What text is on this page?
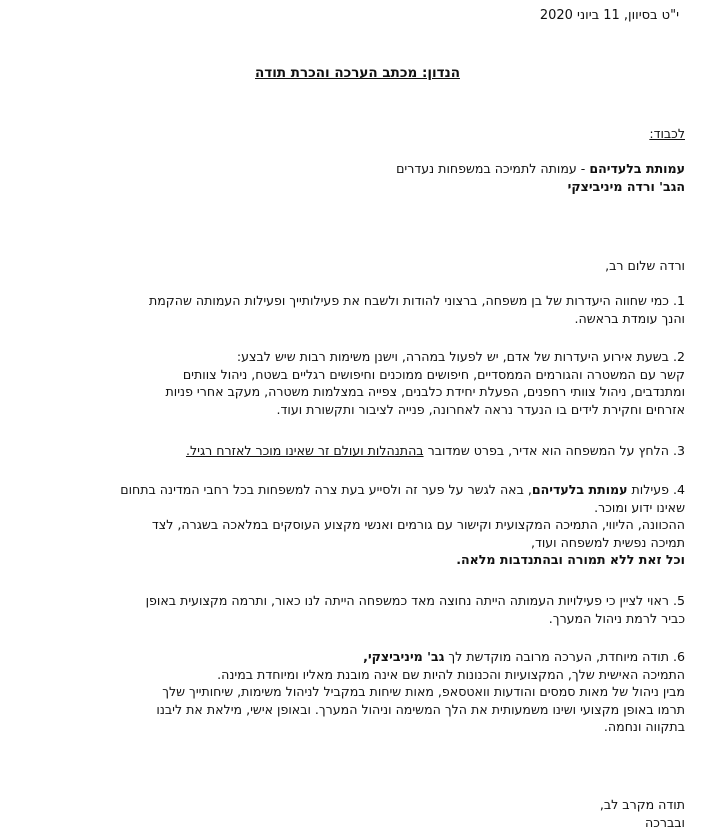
י"ט בסיוון, 11 ביוני 2020

הנדון: מכתב הערכה והכרת תודה

לכבוד:

עמותת בלעדיהם - עמותה לתמיכה במשפחות נעדרים
הגב' ורדה מיניביצקי

ורדה שלום רב,

1. כמי שחווה היעדרות של בן משפחה, ברצוני להודות ולשבח את פעילותייך ופעילות העמותה שהקמת
והנך עומדת בראשה.
2. בשעת אירוע היעדרות של אדם, יש לפעול במהרה, וישנן משימות רבות שיש לבצע:
קשר עם המשטרה והגורמים הממסדיים, חיפושים ממוכנים וחיפושים רגליים בשטח, ניהול צוותים
ומתנדבים, ניהול צוותי רחפנים, הפעלת יחידת כלבנים, צפייה במצלמות משטרה, מעקב אחרי פניות
אזרחים וחקירת לידים בו הנעדר נראה לאחרונה, פנייה לציבור ותקשורת ועוד.
3. הלחץ על המשפחה הוא אדיר, בפרט שמדובר בהתנהלות ועולם זר שאינו מוכר לאזרח רגיל.
4. פעילות עמותת בלעדיהם, באה לגשר על פער זה ולסייע בעת צרה למשפחות בכל רחבי המדינה בתחום
שאינו ידוע ומוכר.
ההכוונה, הליווי, התמיכה המקצועית וקישור עם גורמים ואנשי מקצוע העוסקים במלאכה בשגרה, לצד
תמיכה נפשית למשפחה ועוד,
וכל זאת ללא תמורה ובהתנדבות מלאה.
5. ראוי לציין כי פעילויות העמותה הייתה נחוצה מאד כמשפחה הייתה לנו כאור, ותרמה מקצועית באופן
כביר לרמת ניהול המערך.
6. תודה מיוחדת, הערכה מרובה מוקדשת לך גב' מיניביצקי,
התמיכה האישית שלך, המקצועיות והכנונות להיות שם אינה מובנת מאליו ומיוחדת במינה.
מבין ניהול של מאות סמסים והודעות וואטסאפ, מאות שיחות במקביל לניהול משימות, שיחותייך שלך
תרמו באופן מקצועי ושינו משמעותית את הלך המשימה וניהול המערך. ובאופן אישי, מילאת את ליבנו
בתקווה ונחמה.
תודה מקרב לב,
ובברכה
